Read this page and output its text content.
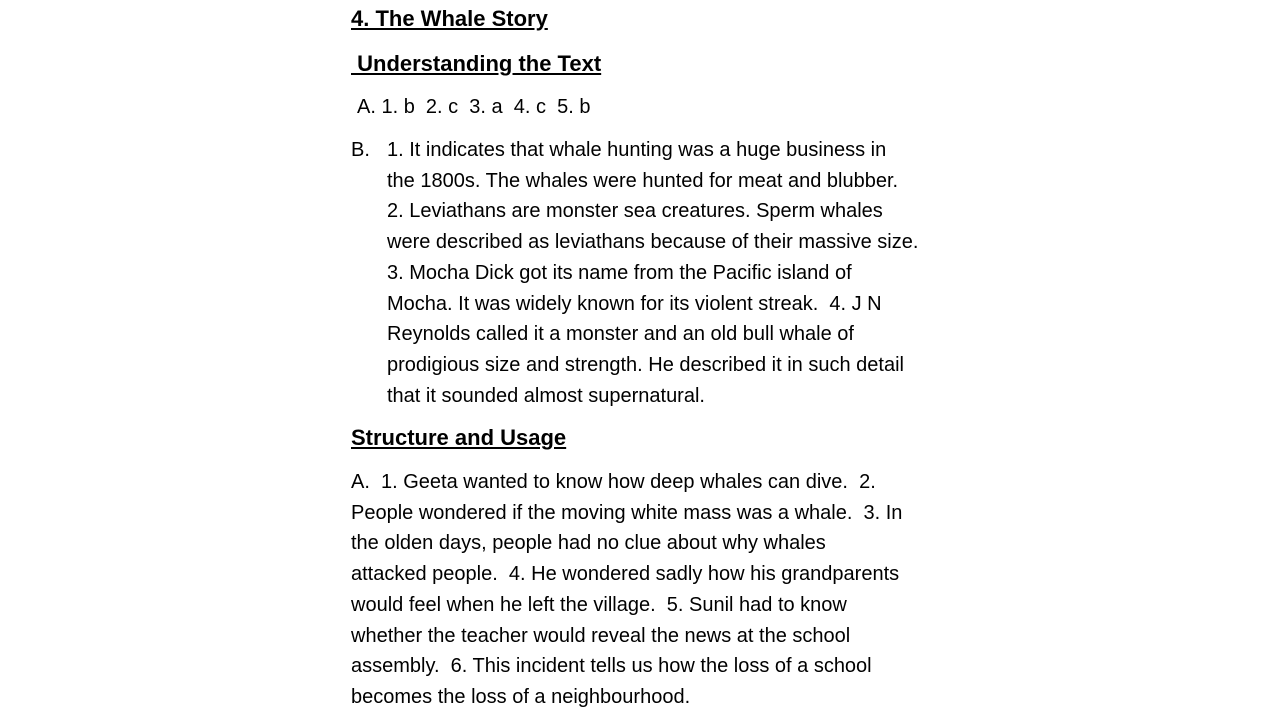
4. The Whale Story
Understanding the Text
A. 1. b  2. c  3. a  4. c  5. b
B. 1. It indicates that whale hunting was a huge business in
the 1800s. The whales were hunted for meat and blubber.
2. Leviathans are monster sea creatures. Sperm whales
were described as leviathans because of their massive size.
3. Mocha Dick got its name from the Pacific island of
Mocha. It was widely known for its violent streak.  4. J N
Reynolds called it a monster and an old bull whale of
prodigious size and strength. He described it in such detail
that it sounded almost supernatural.
Structure and Usage
A.  1. Geeta wanted to know how deep whales can dive.  2.
People wondered if the moving white mass was a whale.  3. In
the olden days, people had no clue about why whales
attacked people.  4. He wondered sadly how his grandparents
would feel when he left the village.  5. Sunil had to know
whether the teacher would reveal the news at the school
assembly.  6. This incident tells us how the loss of a school
becomes the loss of a neighbourhood.
